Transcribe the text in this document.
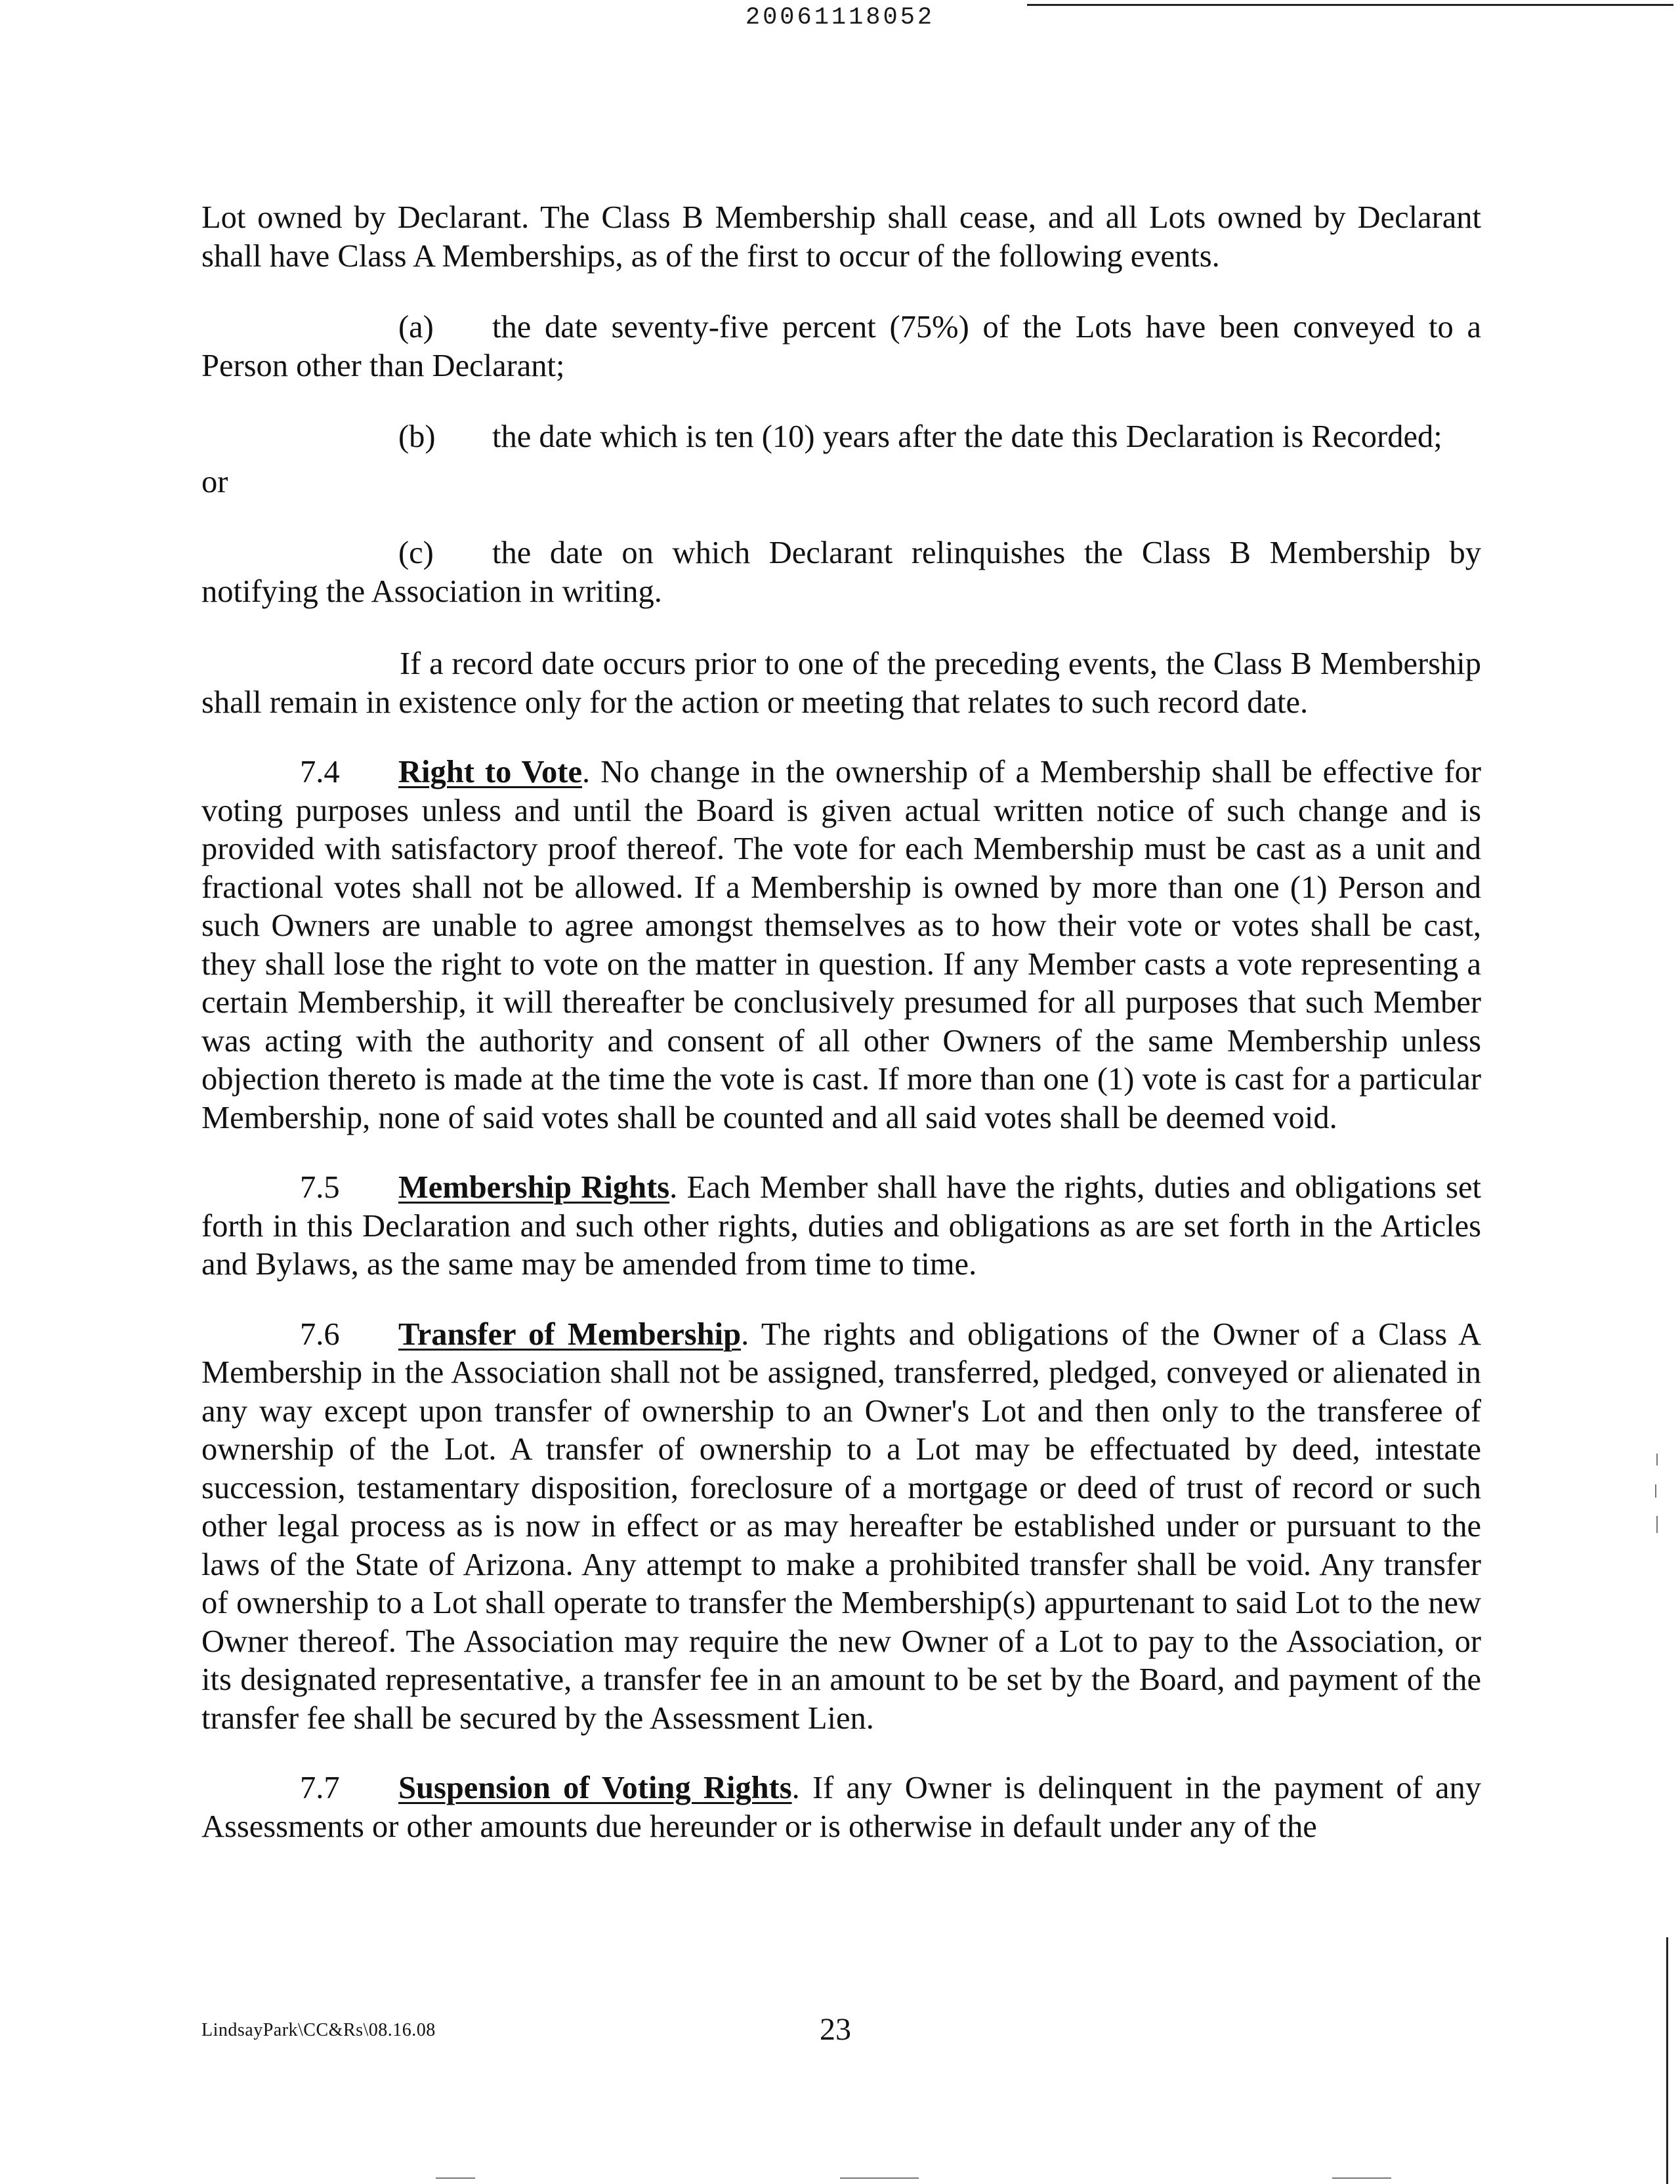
20061118052

Lot owned by Declarant. The Class B Membership shall cease, and all Lots owned by Declarant shall have Class A Memberships, as of the first to occur of the following events.

(a) the date seventy-five percent (75%) of the Lots have been conveyed to a Person other than Declarant;

(b) the date which is ten (10) years after the date this Declaration is Recorded;
or

(c) the date on which Declarant relinquishes the Class B Membership by notifying the Association in writing.

If a record date occurs prior to one of the preceding events, the Class B Membership shall remain in existence only for the action or meeting that relates to such record date.

7.4 Right to Vote. No change in the ownership of a Membership shall be effective for voting purposes unless and until the Board is given actual written notice of such change and is provided with satisfactory proof thereof. The vote for each Membership must be cast as a unit and fractional votes shall not be allowed. If a Membership is owned by more than one (1) Person and such Owners are unable to agree amongst themselves as to how their vote or votes shall be cast, they shall lose the right to vote on the matter in question. If any Member casts a vote representing a certain Membership, it will thereafter be conclusively presumed for all purposes that such Member was acting with the authority and consent of all other Owners of the same Membership unless objection thereto is made at the time the vote is cast. If more than one (1) vote is cast for a particular Membership, none of said votes shall be counted and all said votes shall be deemed void.

7.5 Membership Rights. Each Member shall have the rights, duties and obligations set forth in this Declaration and such other rights, duties and obligations as are set forth in the Articles and Bylaws, as the same may be amended from time to time.

7.6 Transfer of Membership. The rights and obligations of the Owner of a Class A Membership in the Association shall not be assigned, transferred, pledged, conveyed or alienated in any way except upon transfer of ownership to an Owner's Lot and then only to the transferee of ownership of the Lot. A transfer of ownership to a Lot may be effectuated by deed, intestate succession, testamentary disposition, foreclosure of a mortgage or deed of trust of record or such other legal process as is now in effect or as may hereafter be established under or pursuant to the laws of the State of Arizona. Any attempt to make a prohibited transfer shall be void. Any transfer of ownership to a Lot shall operate to transfer the Membership(s) appurtenant to said Lot to the new Owner thereof. The Association may require the new Owner of a Lot to pay to the Association, or its designated representative, a transfer fee in an amount to be set by the Board, and payment of the transfer fee shall be secured by the Assessment Lien.

7.7 Suspension of Voting Rights. If any Owner is delinquent in the payment of any Assessments or other amounts due hereunder or is otherwise in default under any of the

LindsayPark\CC&Rs\08.16.08	23
